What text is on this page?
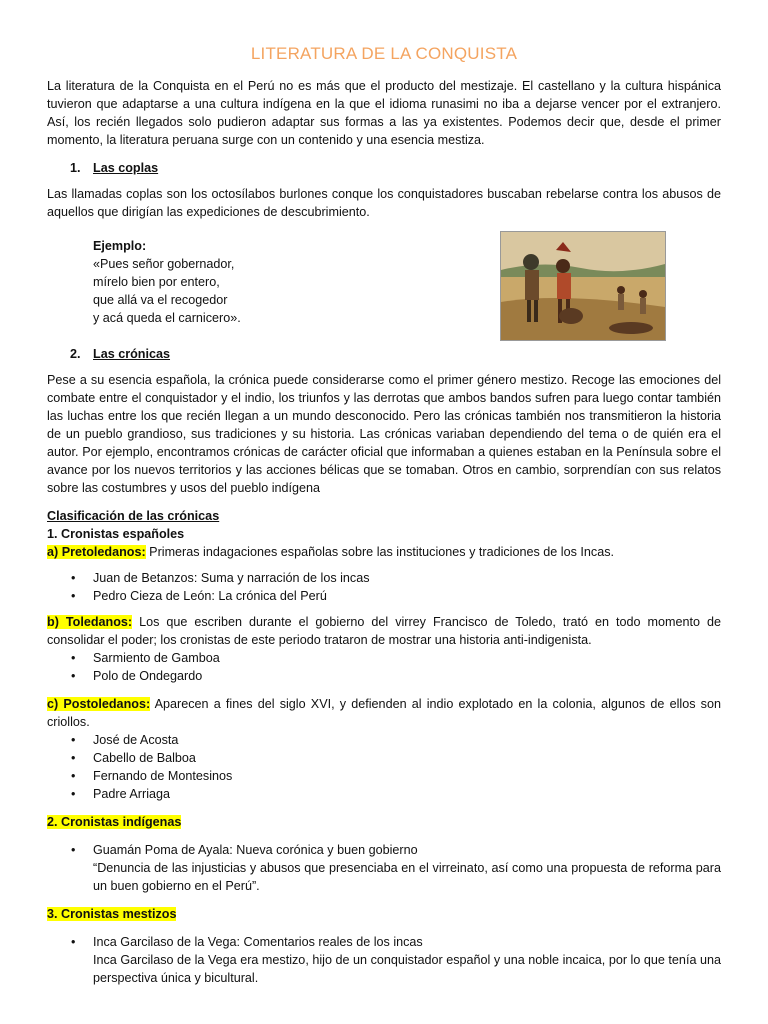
LITERATURA DE LA CONQUISTA

La literatura de la Conquista en el Perú no es más que el producto del mestizaje. El castellano y la cultura hispánica tuvieron que adaptarse a una cultura indígena en la que el idioma runasimi no iba a dejarse vencer por el extranjero. Así, los recién llegados solo pudieron adaptar sus formas a las ya existentes. Podemos decir que, desde el primer momento, la literatura peruana surge con un contenido y una esencia mestiza.

1. Las coplas

Las llamadas coplas son los octosílabos burlones conque los conquistadores buscaban rebelarse contra los abusos de aquellos que dirigían las expediciones de descubrimiento.

Ejemplo:
«Pues señor gobernador,
mírelo bien por entero,
que allá va el recogedor
y acá queda el carnicero».
2. Las crónicas

Pese a su esencia española, la crónica puede considerarse como el primer género mestizo. Recoge las emociones del combate entre el conquistador y el indio, los triunfos y las derrotas que ambos bandos sufren para luego contar también las luchas entre los que recién llegan a un mundo desconocido. Pero las crónicas también nos transmitieron la historia de un pueblo grandioso, sus tradiciones y su historia. Las crónicas variaban dependiendo del tema o de quién era el autor. Por ejemplo, encontramos crónicas de carácter oficial que informaban a quienes estaban en la Península sobre el avance por los nuevos territorios y las acciones bélicas que se tomaban. Otros en cambio, sorprendían con sus relatos sobre las costumbres y usos del pueblo indígena

Clasificación de las crónicas
1. Cronistas españoles

a) Pretoledanos: Primeras indagaciones españolas sobre las instituciones y tradiciones de los Incas.

• Juan de Betanzos: Suma y narración de los incas
• Pedro Cieza de León: La crónica del Perú

b) Toledanos: Los que escriben durante el gobierno del virrey Francisco de Toledo, trató en todo momento de consolidar el poder; los cronistas de este periodo trataron de mostrar una historia anti-indigenista.

• Sarmiento de Gamboa
• Polo de Ondegardo

c) Postoledanos: Aparecen a fines del siglo XVI, y defienden al indio explotado en la colonia, algunos de ellos son criollos.

• José de Acosta
• Cabello de Balboa
• Fernando de Montesinos
• Padre Arriaga
2. Cronistas indígenas
• Guamán Poma de Ayala: Nueva corónica y buen gobierno
“Denuncia de las injusticias y abusos que presenciaba en el virreinato, así como una propuesta de reforma para un buen gobierno en el Perú”.
3. Cronistas mestizos
• Inca Garcilaso de la Vega: Comentarios reales de los incas
Inca Garcilaso de la Vega era mestizo, hijo de un conquistador español y una noble incaica, por lo que tenía una perspectiva única y bicultural.
